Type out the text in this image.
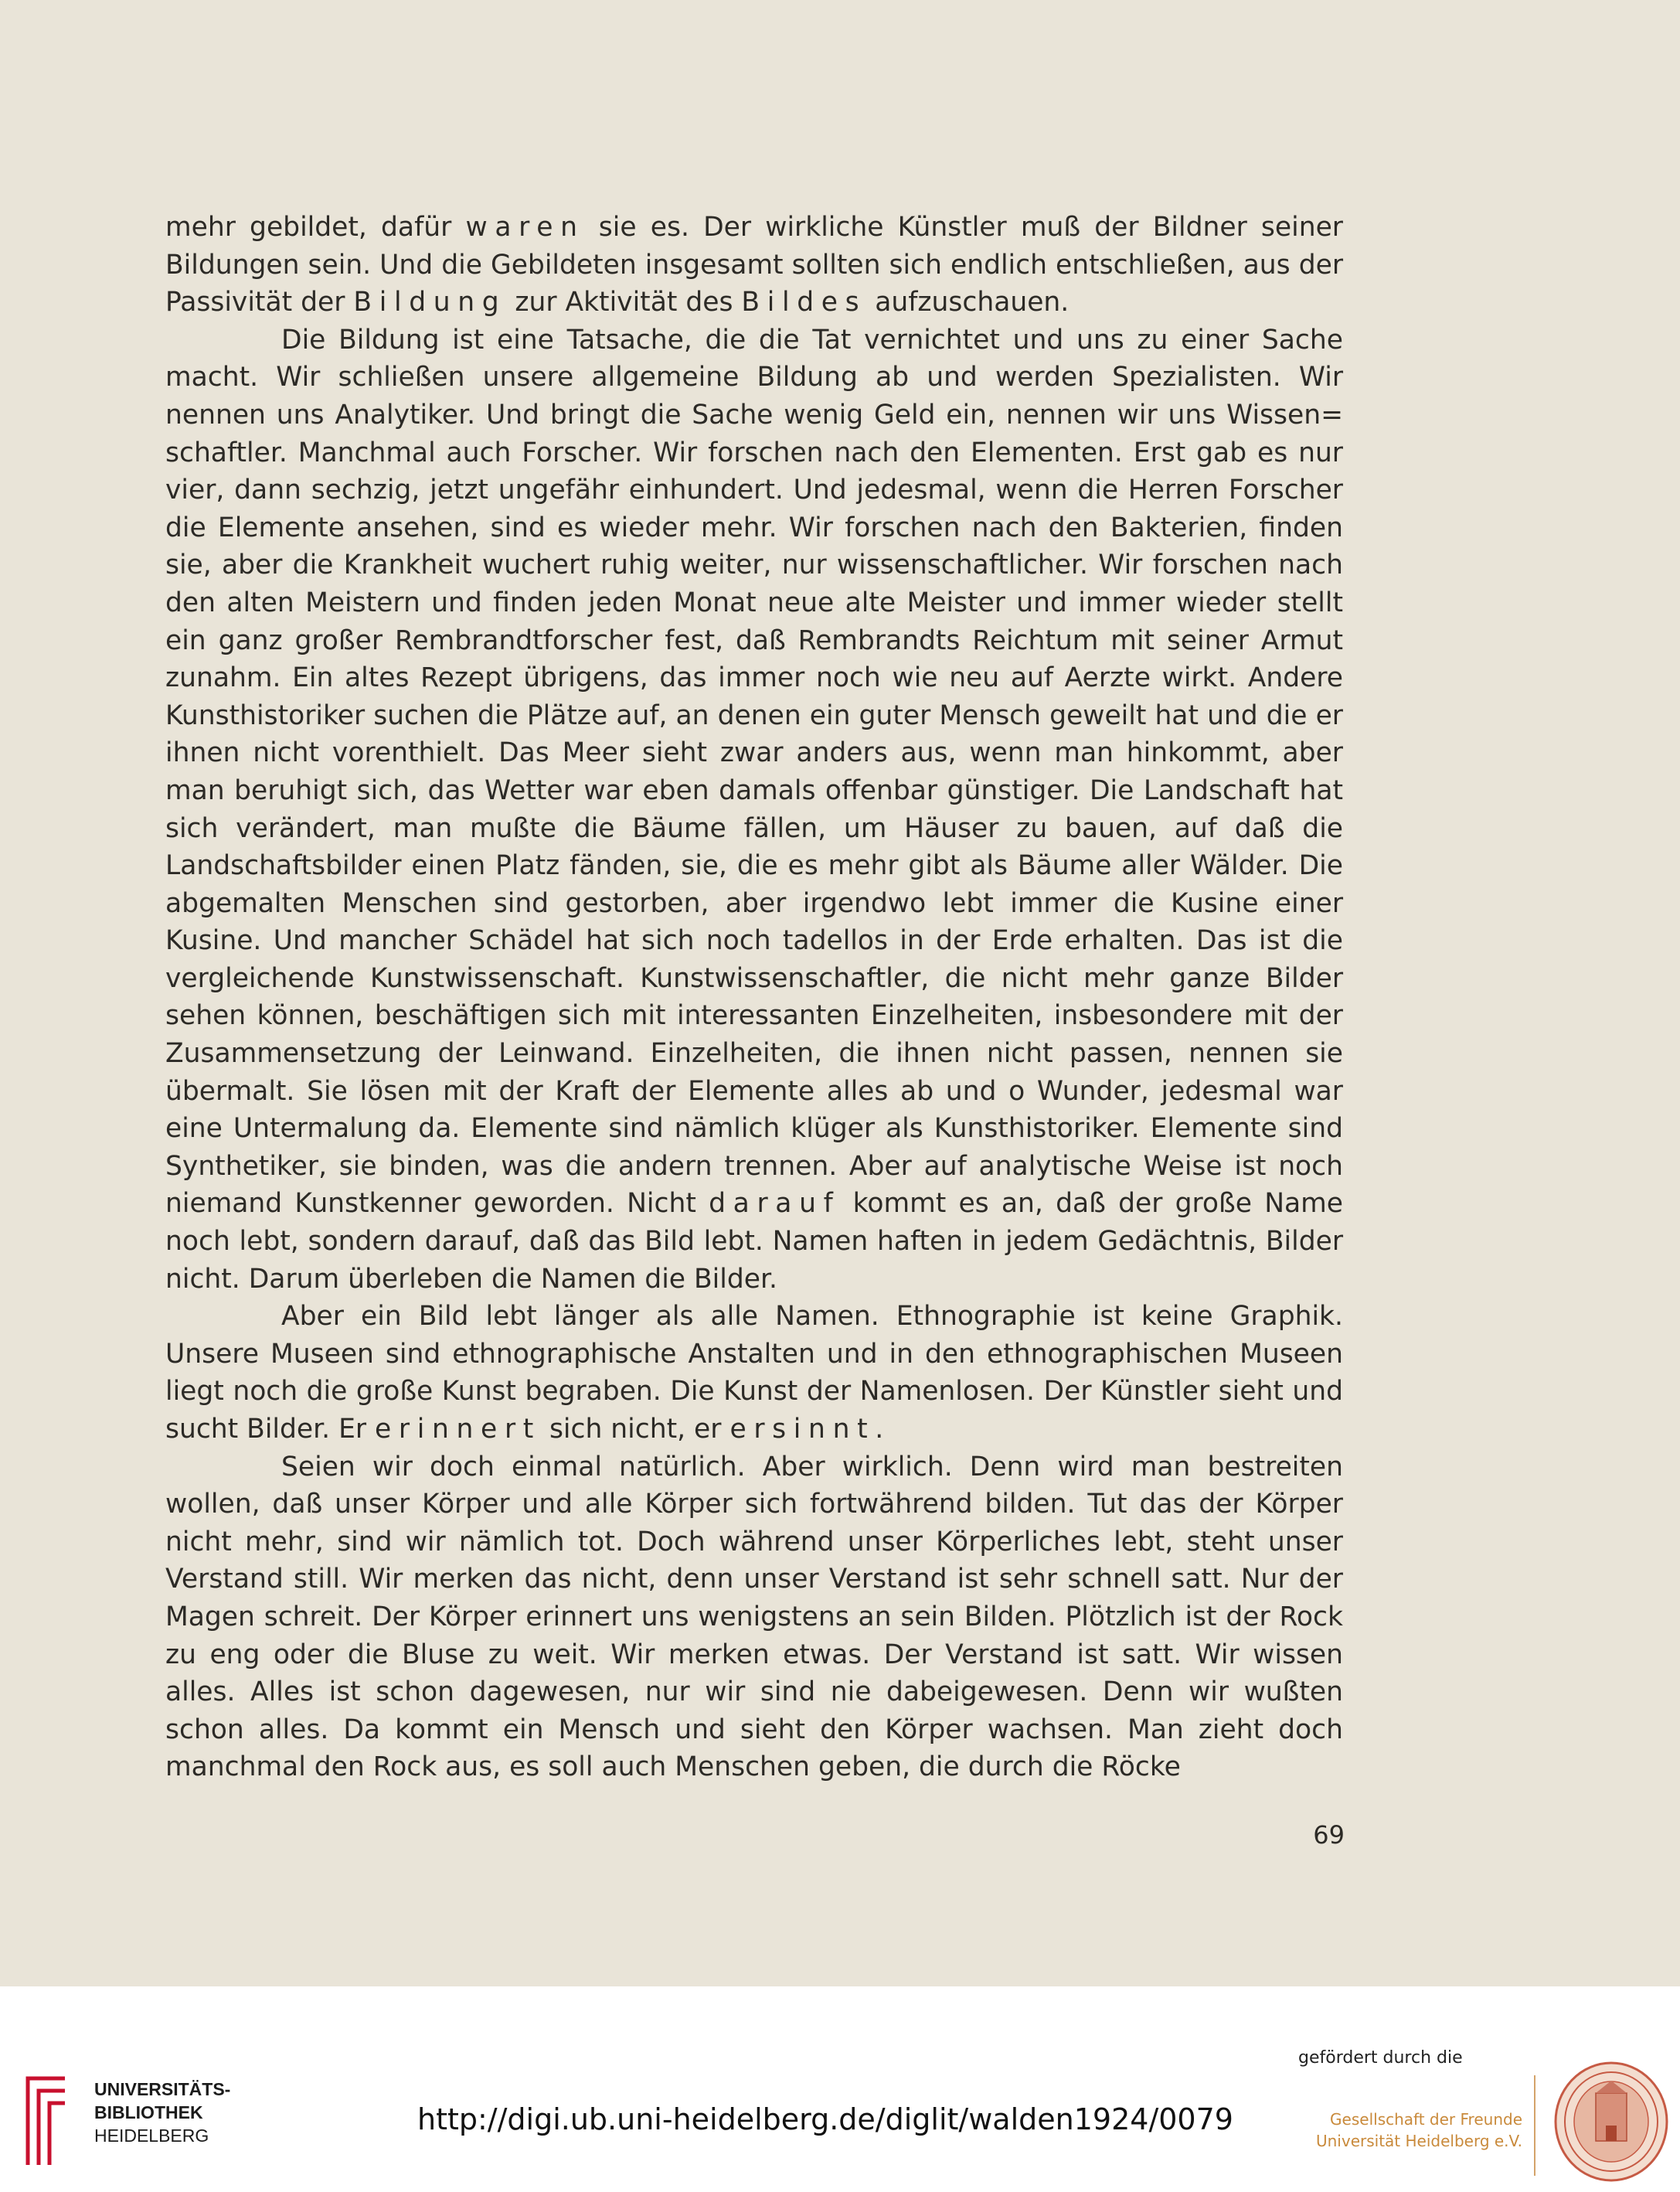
mehr gebildet, dafür waren sie es. Der wirkliche Künstler muß der Bildner seiner Bildungen sein. Und die Gebildeten insgesamt sollten sich endlich entschließen, aus der Passivität der Bildung zur Aktivität des Bildes aufzuschauen.

Die Bildung ist eine Tatsache, die die Tat vernichtet und uns zu einer Sache macht. Wir schließen unsere allgemeine Bildung ab und werden Spezialisten. Wir nennen uns Analytiker. Und bringt die Sache wenig Geld ein, nennen wir uns Wissen= schaftler. Manchmal auch Forscher. Wir forschen nach den Elementen. Erst gab es nur vier, dann sechzig, jetzt ungefähr einhundert. Und jedesmal, wenn die Herren Forscher die Elemente ansehen, sind es wieder mehr. Wir forschen nach den Bakterien, finden sie, aber die Krankheit wuchert ruhig weiter, nur wissenschaftlicher. Wir forschen nach den alten Meistern und finden jeden Monat neue alte Meister und immer wieder stellt ein ganz großer Rembrandtforscher fest, daß Rembrandts Reichtum mit seiner Armut zunahm. Ein altes Rezept übrigens, das immer noch wie neu auf Aerzte wirkt. Andere Kunsthistoriker suchen die Plätze auf, an denen ein guter Mensch geweilt hat und die er ihnen nicht vorenthielt. Das Meer sieht zwar anders aus, wenn man hinkommt, aber man beruhigt sich, das Wetter war eben damals offenbar günstiger. Die Landschaft hat sich verändert, man mußte die Bäume fällen, um Häuser zu bauen, auf daß die Landschaftsbilder einen Platz fänden, sie, die es mehr gibt als Bäume aller Wälder. Die abgemalten Menschen sind gestorben, aber irgendwo lebt immer die Kusine einer Kusine. Und mancher Schädel hat sich noch tadellos in der Erde erhalten. Das ist die vergleichende Kunstwissenschaft. Kunstwissenschaftler, die nicht mehr ganze Bilder sehen können, beschäftigen sich mit interessanten Einzelheiten, insbesondere mit der Zusammensetzung der Leinwand. Einzelheiten, die ihnen nicht passen, nennen sie übermalt. Sie lösen mit der Kraft der Elemente alles ab und o Wunder, jedesmal war eine Untermalung da. Elemente sind nämlich klüger als Kunsthistoriker. Elemente sind Synthetiker, sie binden, was die andern trennen. Aber auf analytische Weise ist noch niemand Kunstkenner geworden. Nicht darauf kommt es an, daß der große Name noch lebt, sondern darauf, daß das Bild lebt. Namen haften in jedem Gedächtnis, Bilder nicht. Darum überleben die Namen die Bilder.

Aber ein Bild lebt länger als alle Namen. Ethnographie ist keine Graphik. Unsere Museen sind ethnographische Anstalten und in den ethnographischen Museen liegt noch die große Kunst begraben. Die Kunst der Namenlosen. Der Künstler sieht und sucht Bilder. Er erinnert sich nicht, er ersinnt.

Seien wir doch einmal natürlich. Aber wirklich. Denn wird man bestreiten wollen, daß unser Körper und alle Körper sich fortwährend bilden. Tut das der Körper nicht mehr, sind wir nämlich tot. Doch während unser Körperliches lebt, steht unser Verstand still. Wir merken das nicht, denn unser Verstand ist sehr schnell satt. Nur der Magen schreit. Der Körper erinnert uns wenigstens an sein Bilden. Plötzlich ist der Rock zu eng oder die Bluse zu weit. Wir merken etwas. Der Verstand ist satt. Wir wissen alles. Alles ist schon dagewesen, nur wir sind nie dabeigewesen. Denn wir wußten schon alles. Da kommt ein Mensch und sieht den Körper wachsen. Man zieht doch manchmal den Rock aus, es soll auch Menschen geben, die durch die Röcke

69
UNIVERSITÄTS-
BIBLIOTHEK
HEIDELBERG	http://digi.ub.uni-heidelberg.de/diglit/walden1924/0079
gefördert durch die
Gesellschaft der Freunde
Universität Heidelberg e.V.
